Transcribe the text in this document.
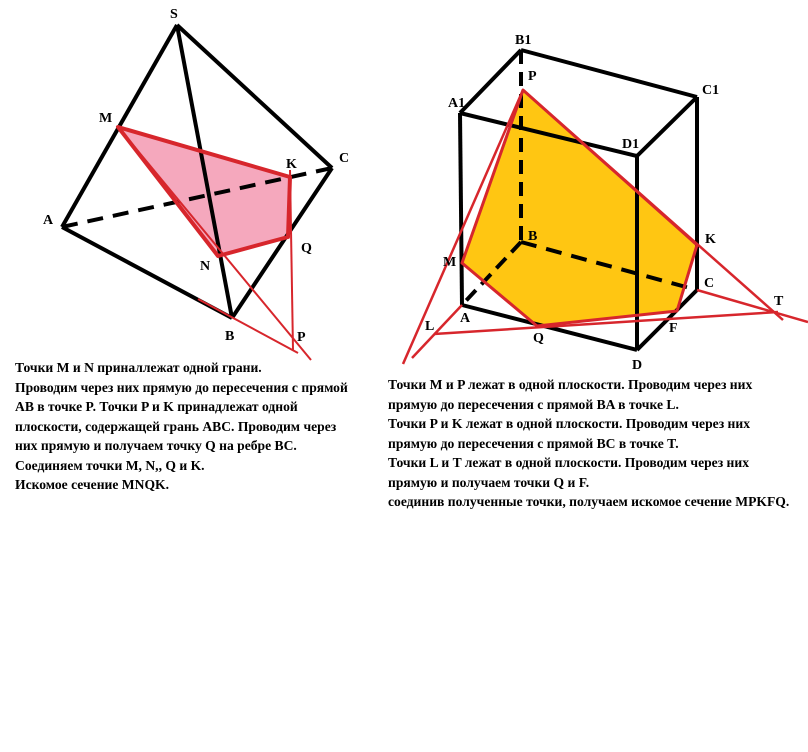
S
M
A
K	C
N
Q
B	P
B1
P
A1
C1
D1
B	K
M
C
T
L
A
Q
F
D

Точки M и N приналлежат одной грани.
Проводим через них прямую до пересечения с прямой AB в точке P. Точки P и K принадлежат одной плоскости, содержащей грань ABC. Проводим через них прямую и получаем точку Q на ребре BC.
Соединяем точки M, N,, Q и K.
Искомое сечение MNQK.

Точки M и P лежат в одной плоскости. Проводим через них прямую до пересечения с прямой BA в точке L.
Точки P и K лежат в одной плоскости. Проводим через них прямую до пересечения с прямой BC в точке T.
Точки L и T лежат в одной плоскости. Проводим через них прямую и получаем точки Q и F.
соединив полученные точки, получаем искомое сечение MPKFQ.
